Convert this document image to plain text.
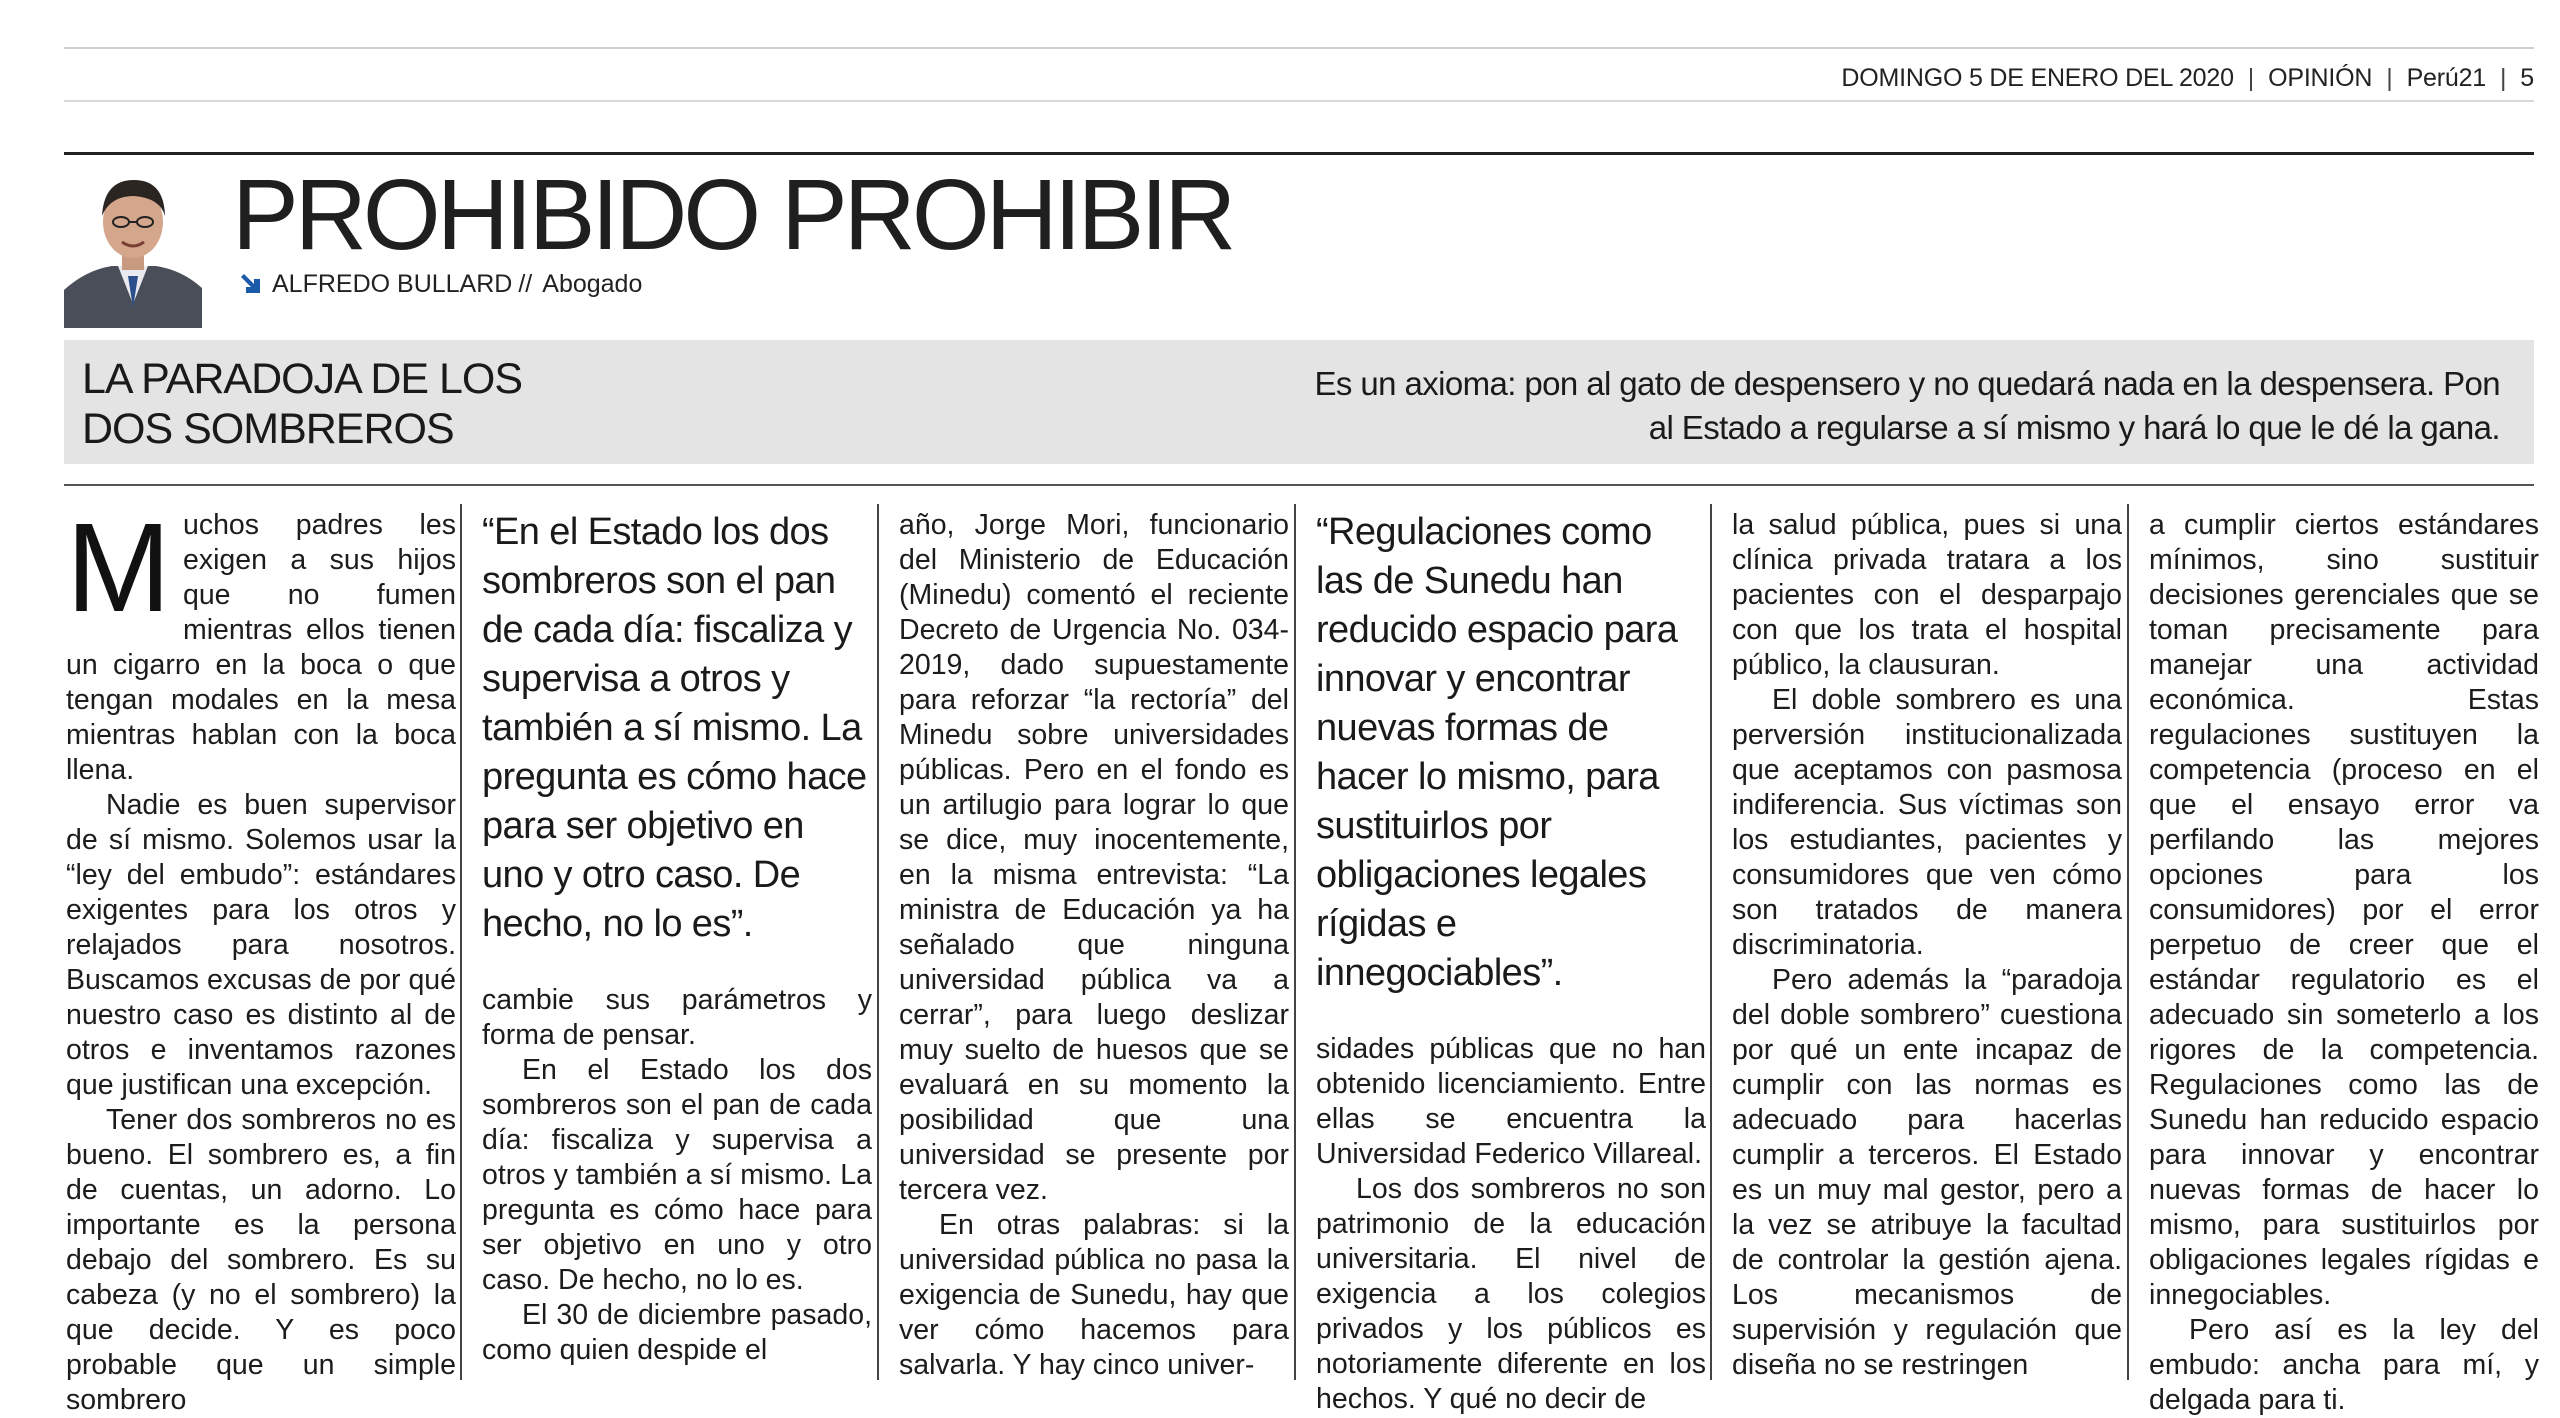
DOMINGO 5 DE ENERO DEL 2020 | OPINIÓN | Perú21 | 5
PROHIBIDO PROHIBIR
ALFREDO BULLARD // Abogado
LA PARADOJA DE LOS DOS SOMBREROS
Es un axioma: pon al gato de despensero y no quedará nada en la despensera. Pon al Estado a regularse a sí mismo y hará lo que le dé la gana.
M uchos padres les exigen a sus hijos que no fumen mientras ellos tienen un cigarro en la boca o que tengan modales en la mesa mientras hablan con la boca llena.

Nadie es buen supervisor de sí mismo. Solemos usar la “ley del embudo”: estándares exigentes para los otros y relajados para nosotros. Buscamos excusas de por qué nuestro caso es distinto al de otros e inventamos razones que justifican una excepción.

Tener dos sombreros no es bueno. El sombrero es, a fin de cuentas, un adorno. Lo importante es la persona debajo del sombrero. Es su cabeza (y no el sombrero) la que decide. Y es poco probable que un simple sombrero

“En el Estado los dos sombreros son el pan de cada día: fiscaliza y supervisa a otros y también a sí mismo. La pregunta es cómo hace para ser objetivo en uno y otro caso. De hecho, no lo es”.

cambie sus parámetros y forma de pensar.

En el Estado los dos sombreros son el pan de cada día: fiscaliza y supervisa a otros y también a sí mismo. La pregunta es cómo hace para ser objetivo en uno y otro caso. De hecho, no lo es.

El 30 de diciembre pasado, como quien despide el

año, Jorge Mori, funcionario del Ministerio de Educación (Minedu) comentó el reciente Decreto de Urgencia No. 034-2019, dado supuestamente para reforzar “la rectoría” del Minedu sobre universidades públicas. Pero en el fondo es un artilugio para lograr lo que se dice, muy inocentemente, en la misma entrevista: “La ministra de Educación ya ha señalado que ninguna universidad pública va a cerrar”, para luego deslizar muy suelto de huesos que se evaluará en su momento la posibilidad que una universidad se presente por tercera vez.

En otras palabras: si la universidad pública no pasa la exigencia de Sunedu, hay que ver cómo hacemos para salvarla. Y hay cinco univer-

“Regulaciones como las de Sunedu han reducido espacio para innovar y encontrar nuevas formas de hacer lo mismo, para sustituirlos por obligaciones legales rígidas e innegociables”.

sidades públicas que no han obtenido licenciamiento. Entre ellas se encuentra la Universidad Federico Villareal.

Los dos sombreros no son patrimonio de la educación universitaria. El nivel de exigencia a los colegios privados y los públicos es notoriamente diferente en los hechos. Y qué no decir de

la salud pública, pues si una clínica privada tratara a los pacientes con el desparpajo con que los trata el hospital público, la clausuran.

El doble sombrero es una perversión institucionalizada que aceptamos con pasmosa indiferencia. Sus víctimas son los estudiantes, pacientes y consumidores que ven cómo son tratados de manera discriminatoria.

Pero además la “paradoja del doble sombrero” cuestiona por qué un ente incapaz de cumplir con las normas es adecuado para hacerlas cumplir a terceros. El Estado es un muy mal gestor, pero a la vez se atribuye la facultad de controlar la gestión ajena. Los mecanismos de supervisión y regulación que diseña no se restringen

a cumplir ciertos estándares mínimos, sino sustituir decisiones gerenciales que se toman precisamente para manejar una actividad económica. Estas regulaciones sustituyen la competencia (proceso en el que el ensayo error va perfilando las mejores opciones para los consumidores) por el error perpetuo de creer que el estándar regulatorio es el adecuado sin someterlo a los rigores de la competencia. Regulaciones como las de Sunedu han reducido espacio para innovar y encontrar nuevas formas de hacer lo mismo, para sustituirlos por obligaciones legales rígidas e innegociables.

Pero así es la ley del embudo: ancha para mí, y delgada para ti.
